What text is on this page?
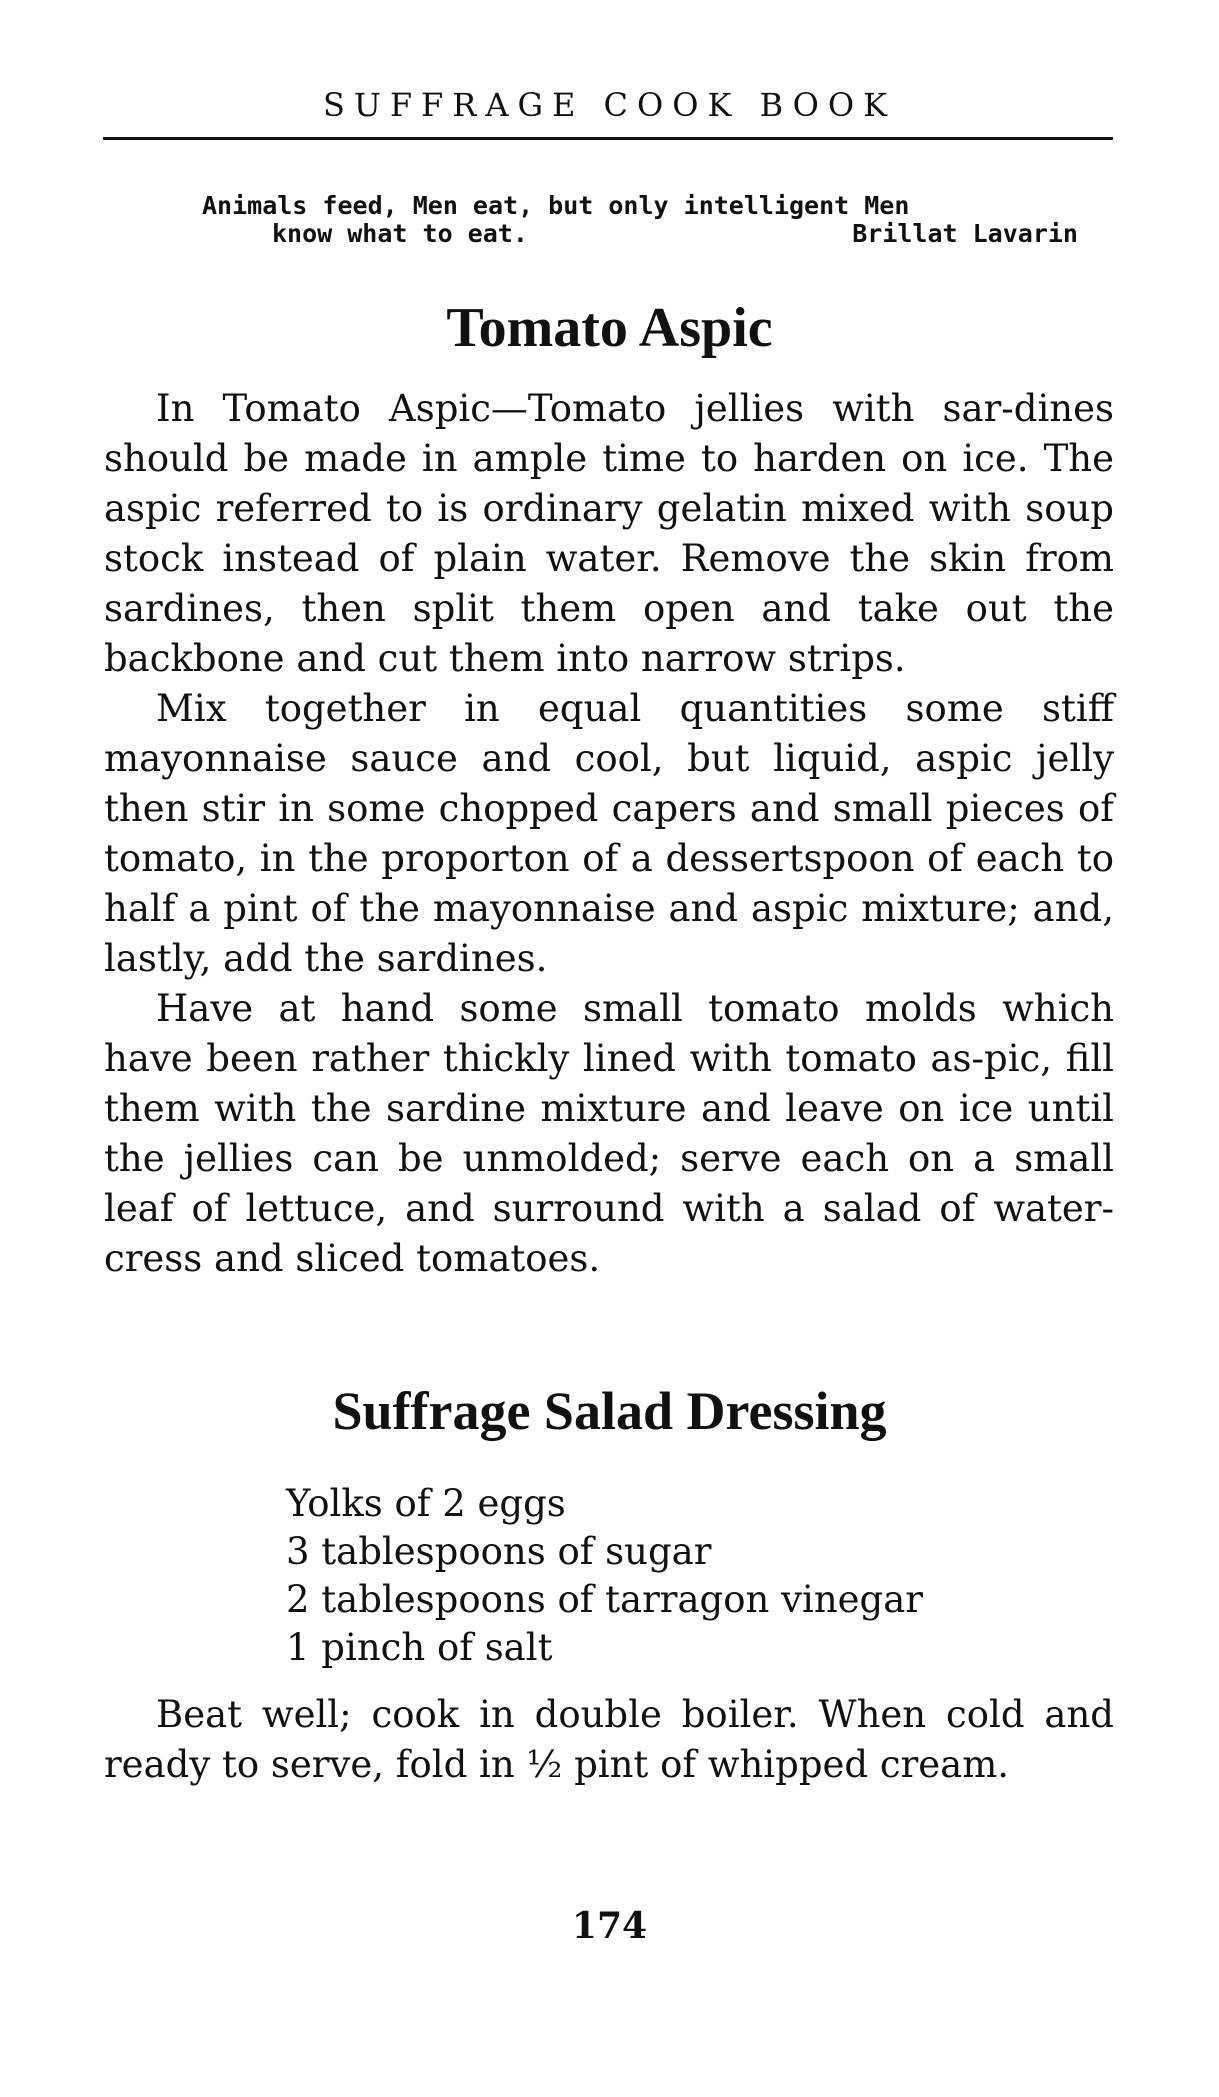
SUFFRAGE COOK BOOK
Animals feed, Men eat, but only intelligent Men
know what to eat.	Brillat Lavarin
Tomato Aspic

In Tomato Aspic—Tomato jellies with sar-dines should be made in ample time to harden on ice. The aspic referred to is ordinary gelatin mixed with soup stock instead of plain water. Remove the skin from sardines, then split them open and take out the backbone and cut them into narrow strips.

Mix together in equal quantities some stiff mayonnaise sauce and cool, but liquid, aspic jelly then stir in some chopped capers and small pieces of tomato, in the proporton of a dessertspoon of each to half a pint of the mayonnaise and aspic mixture; and, lastly, add the sardines.

Have at hand some small tomato molds which have been rather thickly lined with tomato as-pic, fill them with the sardine mixture and leave on ice until the jellies can be unmolded; serve each on a small leaf of lettuce, and surround with a salad of water-cress and sliced tomatoes.

Suffrage Salad Dressing
Yolks of 2 eggs
3 tablespoons of sugar
2 tablespoons of tarragon vinegar
1 pinch of salt

Beat well; cook in double boiler. When cold and ready to serve, fold in ½ pint of whipped cream.

174
